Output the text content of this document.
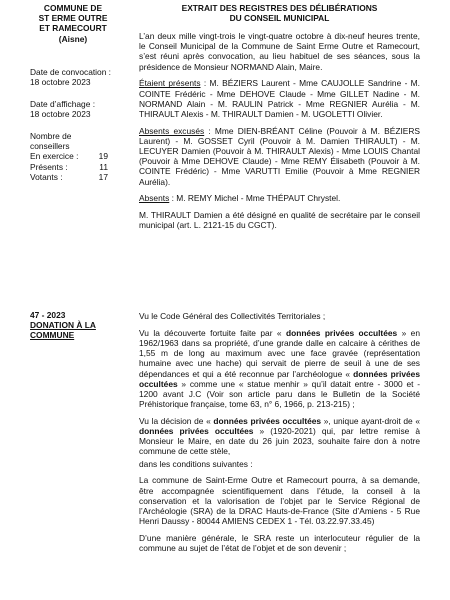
COMMUNE DE
ST ERME OUTRE
ET RAMECOURT
(Aisne)
Date de convocation :
18 octobre 2023
Date d’affichage :
18 octobre 2023
Nombre de
conseillers
En exercice : 19
Présents :	11
Votants :	17
47 - 2023
DONATION À LA
COMMUNE
EXTRAIT DES REGISTRES DES DÉLIBÉRATIONS
DU CONSEIL MUNICIPAL

L’an deux mille vingt-trois le vingt-quatre octobre à dix-neuf heures trente, le Conseil Municipal de la Commune de Saint Erme Outre et Ramecourt, s’est réuni après convocation, au lieu habituel de ses séances, sous la présidence de Monsieur NORMAND Alain, Maire.

Étaient présents : M. BÉZIERS Laurent - Mme CAUJOLLE Sandrine - M. COINTE Frédéric - Mme DEHOVE Claude - Mme GILLET Nadine - M. NORMAND Alain - M. RAULIN Patrick - Mme REGNIER Aurélia - M. THIRAULT Alexis - M. THIRAULT Damien - M. UGOLETTI Olivier.

Absents excusés : Mme DIEN-BRÉANT Céline (Pouvoir à M. BÉZIERS Laurent) - M. GOSSET Cyril (Pouvoir à M. Damien THIRAULT) - M. LECUYER Damien (Pouvoir à M. THIRAULT Alexis) - Mme LOUIS Chantal (Pouvoir à Mme DEHOVE Claude) - Mme REMY Élisabeth (Pouvoir à M. COINTE Frédéric) - Mme VARUTTI Emilie (Pouvoir à Mme REGNIER Aurélia).

Absents : M. REMY Michel - Mme THÉPAUT Chrystel.

M. THIRAULT Damien a été désigné en qualité de secrétaire par le conseil municipal (art. L. 2121-15 du CGCT).

Vu le Code Général des Collectivités Territoriales ;

Vu la découverte fortuite faite par « données privées occultées » en 1962/1963 dans sa propriété, d’une grande dalle en calcaire à cérithes de 1,55 m de long au maximum avec une face gravée (représentation humaine avec une hache) qui servait de pierre de seuil à une de ses dépendances et qui a été reconnue par l’archéologue « données privées occultées » comme une « statue menhir » qu’il datait entre - 3000 et - 1200 avant J.C (Voir son article paru dans le Bulletin de la Société Préhistorique française, tome 63, n° 6, 1966, p. 213-215) ;

Vu la décision de « données privées occultées », unique ayant-droit de « données privées occultées » (1920-2021) qui, par lettre remise à Monsieur le Maire, en date du 26 juin 2023, souhaite faire don à notre commune de cette stèle,

dans les conditions suivantes :

La commune de Saint-Erme Outre et Ramecourt pourra, à sa demande, être accompagnée scientifiquement dans l’étude, la conseil à la conservation et la valorisation de l’objet par le Service Régional de l’Archéologie (SRA) de la DRAC Hauts-de-France (Site d’Amiens - 5 Rue Henri Daussy - 80044 AMIENS CEDEX 1 - Tél. 03.22.97.33.45)

D’une manière générale, le SRA reste un interlocuteur régulier de la commune au sujet de l’état de l’objet et de son devenir ;
